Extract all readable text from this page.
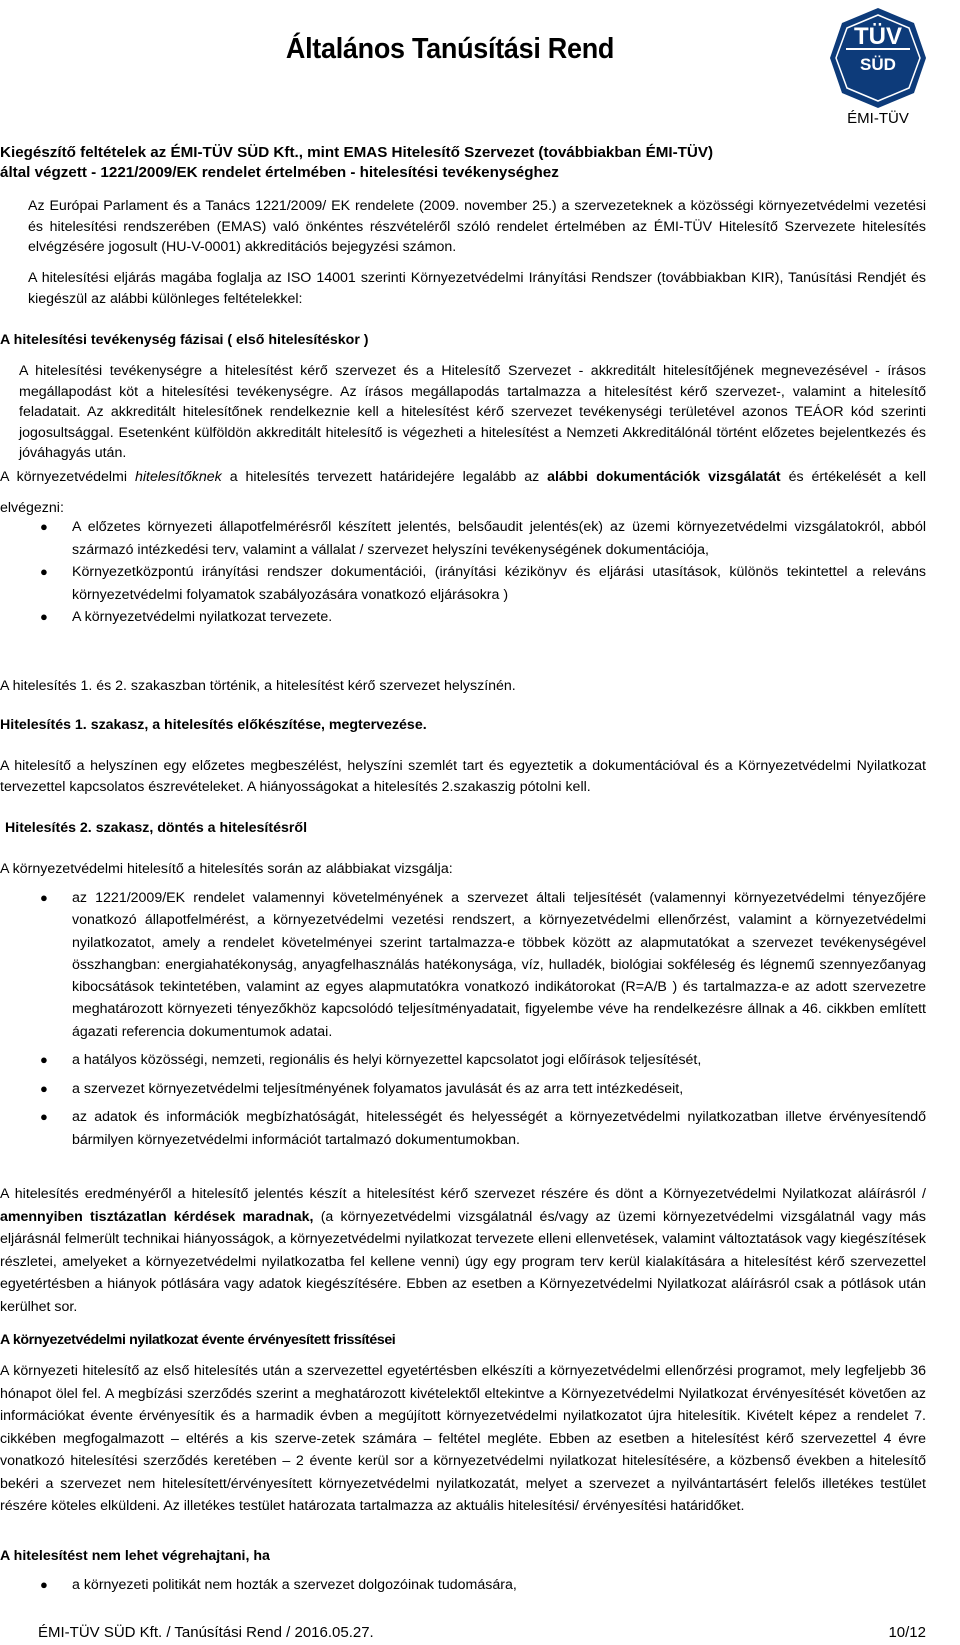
Általános Tanúsítási Rend	TÜV
SÜD
ÉMI-TÜV
Kiegészítő feltételek az ÉMI-TÜV SÜD Kft., mint EMAS Hitelesítő Szervezet (továbbiakban ÉMI-TÜV)
által végzett - 1221/2009/EK rendelet értelmében - hitelesítési tevékenységhez
Az Európai Parlament és a Tanács 1221/2009/ EK rendelete (2009. november 25.) a szervezeteknek a közösségi környezetvédelmi vezetési és hitelesítési rendszerében (EMAS) való önkéntes részvételéről szóló rendelet értelmében az ÉMI-TÜV Hitelesítő Szervezete hitelesítés elvégzésére jogosult (HU-V-0001) akkreditációs bejegyzési számon.
A hitelesítési eljárás magába foglalja az ISO 14001 szerinti Környezetvédelmi Irányítási Rendszer (továbbiakban KIR), Tanúsítási Rendjét és kiegészül az alábbi különleges feltételekkel:
A hitelesítési tevékenység fázisai ( első hitelesítéskor )
A hitelesítési tevékenységre a hitelesítést kérő szervezet és a Hitelesítő Szervezet - akkreditált hitelesítőjének megnevezésével - írásos megállapodást köt a hitelesítési tevékenységre. Az írásos megállapodás tartalmazza a hitelesítést kérő szervezet-, valamint a hitelesítő feladatait. Az akkreditált hitelesítőnek rendelkeznie kell a hitelesítést kérő szervezet tevékenységi területével azonos TEÁOR kód szerinti jogosultsággal. Esetenként külföldön akkreditált hitelesítő is végezheti a hitelesítést a Nemzeti Akkreditálónál történt előzetes bejelentkezés és jóváhagyás után.
A környezetvédelmi hitelesítőknek a hitelesítés tervezett határidejére legalább az alábbi dokumentációk vizsgálatát és értékelését a kell elvégezni:
● A előzetes környezeti állapotfelmérésről készített jelentés, belsőaudit jelentés(ek) az üzemi környezetvédelmi vizsgálatokról, abból származó intézkedési terv, valamint a vállalat / szervezet helyszíni tevékenységének dokumentációja,
● Környezetközpontú irányítási rendszer dokumentációi, (irányítási kézikönyv és eljárási utasítások, különös tekintettel a releváns környezetvédelmi folyamatok szabályozására vonatkozó eljárásokra )
● A környezetvédelmi nyilatkozat tervezete.
A hitelesítés 1. és 2. szakaszban történik, a hitelesítést kérő szervezet helyszínén.
Hitelesítés 1. szakasz, a hitelesítés előkészítése, megtervezése.
A hitelesítő a helyszínen egy előzetes megbeszélést, helyszíni szemlét tart és egyeztetik a dokumentációval és a Környezetvédelmi Nyilatkozat tervezettel kapcsolatos észrevételeket. A hiányosságokat a hitelesítés 2.szakaszig pótolni kell.
Hitelesítés 2. szakasz, döntés a hitelesítésről
A környezetvédelmi hitelesítő a hitelesítés során az alábbiakat vizsgálja:
● az 1221/2009/EK rendelet valamennyi követelményének a szervezet általi teljesítését (valamennyi környezetvédelmi tényezőjére vonatkozó állapotfelmérést, a környezetvédelmi vezetési rendszert, a környezetvédelmi ellenőrzést, valamint a környezetvédelmi nyilatkozatot, amely a rendelet követelményei szerint tartalmazza-e többek között az alapmutatókat a szervezet tevékenységével összhangban: energiahatékonyság, anyagfelhasználás hatékonysága, víz, hulladék, biológiai sokféleség és légnemű szennyezőanyag kibocsátások tekintetében, valamint az egyes alapmutatókra vonatkozó indikátorokat (R=A/B ) és tartalmazza-e az adott szervezetre meghatározott környezeti tényezőkhöz kapcsolódó teljesítményadatait, figyelembe véve ha rendelkezésre állnak a 46. cikkben említett ágazati referencia dokumentumok adatai.
● a hatályos közösségi, nemzeti, regionális és helyi környezettel kapcsolatot jogi előírások teljesítését,
● a szervezet környezetvédelmi teljesítményének folyamatos javulását és az arra tett intézkedéseit,
● az adatok és információk megbízhatóságát, hitelességét és helyességét a környezetvédelmi nyilatkozatban illetve érvényesítendő bármilyen környezetvédelmi információt tartalmazó dokumentumokban.
A hitelesítés eredményéről a hitelesítő jelentés készít a hitelesítést kérő szervezet részére és dönt a Környezetvédelmi Nyilatkozat aláírásról / amennyiben tisztázatlan kérdések maradnak, (a környezetvédelmi vizsgálatnál és/vagy az üzemi környezetvédelmi vizsgálatnál vagy más eljárásnál felmerült technikai hiányosságok, a környezetvédelmi nyilatkozat tervezete elleni ellenvetések, valamint változtatások vagy kiegészítések részletei, amelyeket a környezetvédelmi nyilatkozatba fel kellene venni) úgy egy program terv kerül kialakítására a hitelesítést kérő szervezettel egyetértésben a hiányok pótlására vagy adatok kiegészítésére. Ebben az esetben a Környezetvédelmi Nyilatkozat aláírásról csak a pótlások után kerülhet sor.
A környezetvédelmi nyilatkozat évente érvényesített frissítései
A környezeti hitelesítő az első hitelesítés után a szervezettel egyetértésben elkészíti a környezetvédelmi ellenőrzési programot, mely legfeljebb 36 hónapot ölel fel. A megbízási szerződés szerint a meghatározott kivételektől eltekintve a Környezetvédelmi Nyilatkozat érvényesítését követően az információkat évente érvényesítik és a harmadik évben a megújított környezetvédelmi nyilatkozatot újra hitelesítik. Kivételt képez a rendelet 7. cikkében megfogalmazott – eltérés a kis szerve-zetek számára – feltétel megléte. Ebben az esetben a hitelesítést kérő szervezettel 4 évre vonatkozó hitelesítési szerződés keretében – 2 évente kerül sor a környezetvédelmi nyilatkozat hitelesítésére, a közbenső években a hitelesítő bekéri a szervezet nem hitelesített/érvényesített környezetvédelmi nyilatkozatát, melyet a szervezet a nyilvántartásért felelős illetékes testület részére köteles elküldeni. Az illetékes testület határozata tartalmazza az aktuális hitelesítési/ érvényesítési határidőket.
A hitelesítést nem lehet végrehajtani, ha
● a környezeti politikát nem hozták a szervezet dolgozóinak tudomására,
ÉMI-TÜV SÜD Kft. / Tanúsítási Rend / 2016.05.27.	10/12
